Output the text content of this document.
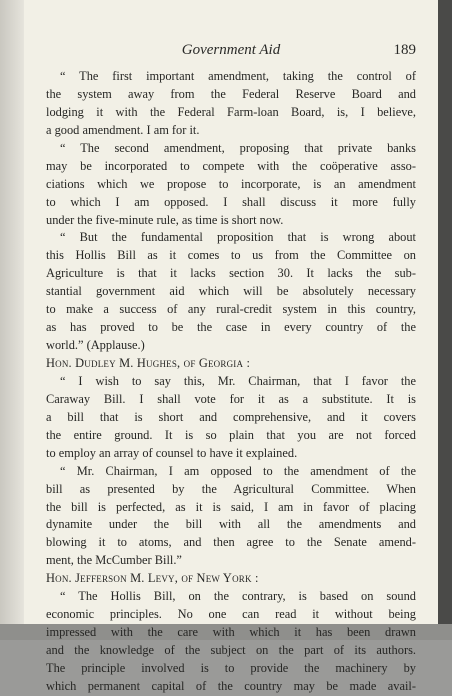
Government Aid	189
“ The first important amendment, taking the control of
the system away from the Federal Reserve Board and
lodging it with the Federal Farm-loan Board, is, I believe,
a good amendment. I am for it.
“ The second amendment, proposing that private banks
may be incorporated to compete with the coöperative asso-
ciations which we propose to incorporate, is an amendment
to which I am opposed. I shall discuss it more fully
under the five-minute rule, as time is short now.
“ But the fundamental proposition that is wrong about
this Hollis Bill as it comes to us from the Committee on
Agriculture is that it lacks section 30. It lacks the sub-
stantial government aid which will be absolutely necessary
to make a success of any rural-credit system in this country,
as has proved to be the case in every country of the
world.” (Applause.)
Hon. Dudley M. Hughes, of Georgia :
“ I wish to say this, Mr. Chairman, that I favor the
Caraway Bill. I shall vote for it as a substitute. It is
a bill that is short and comprehensive, and it covers
the entire ground. It is so plain that you are not forced
to employ an array of counsel to have it explained.
“ Mr. Chairman, I am opposed to the amendment of the
bill as presented by the Agricultural Committee. When
the bill is perfected, as it is said, I am in favor of placing
dynamite under the bill with all the amendments and
blowing it to atoms, and then agree to the Senate amend-
ment, the McCumber Bill.”
Hon. Jefferson M. Levy, of New York :
“ The Hollis Bill, on the contrary, is based on sound
economic principles. No one can read it without being
impressed with the care with which it has been drawn
and the knowledge of the subject on the part of its authors.
The principle involved is to provide the machinery by
which permanent capital of the country may be made avail-
